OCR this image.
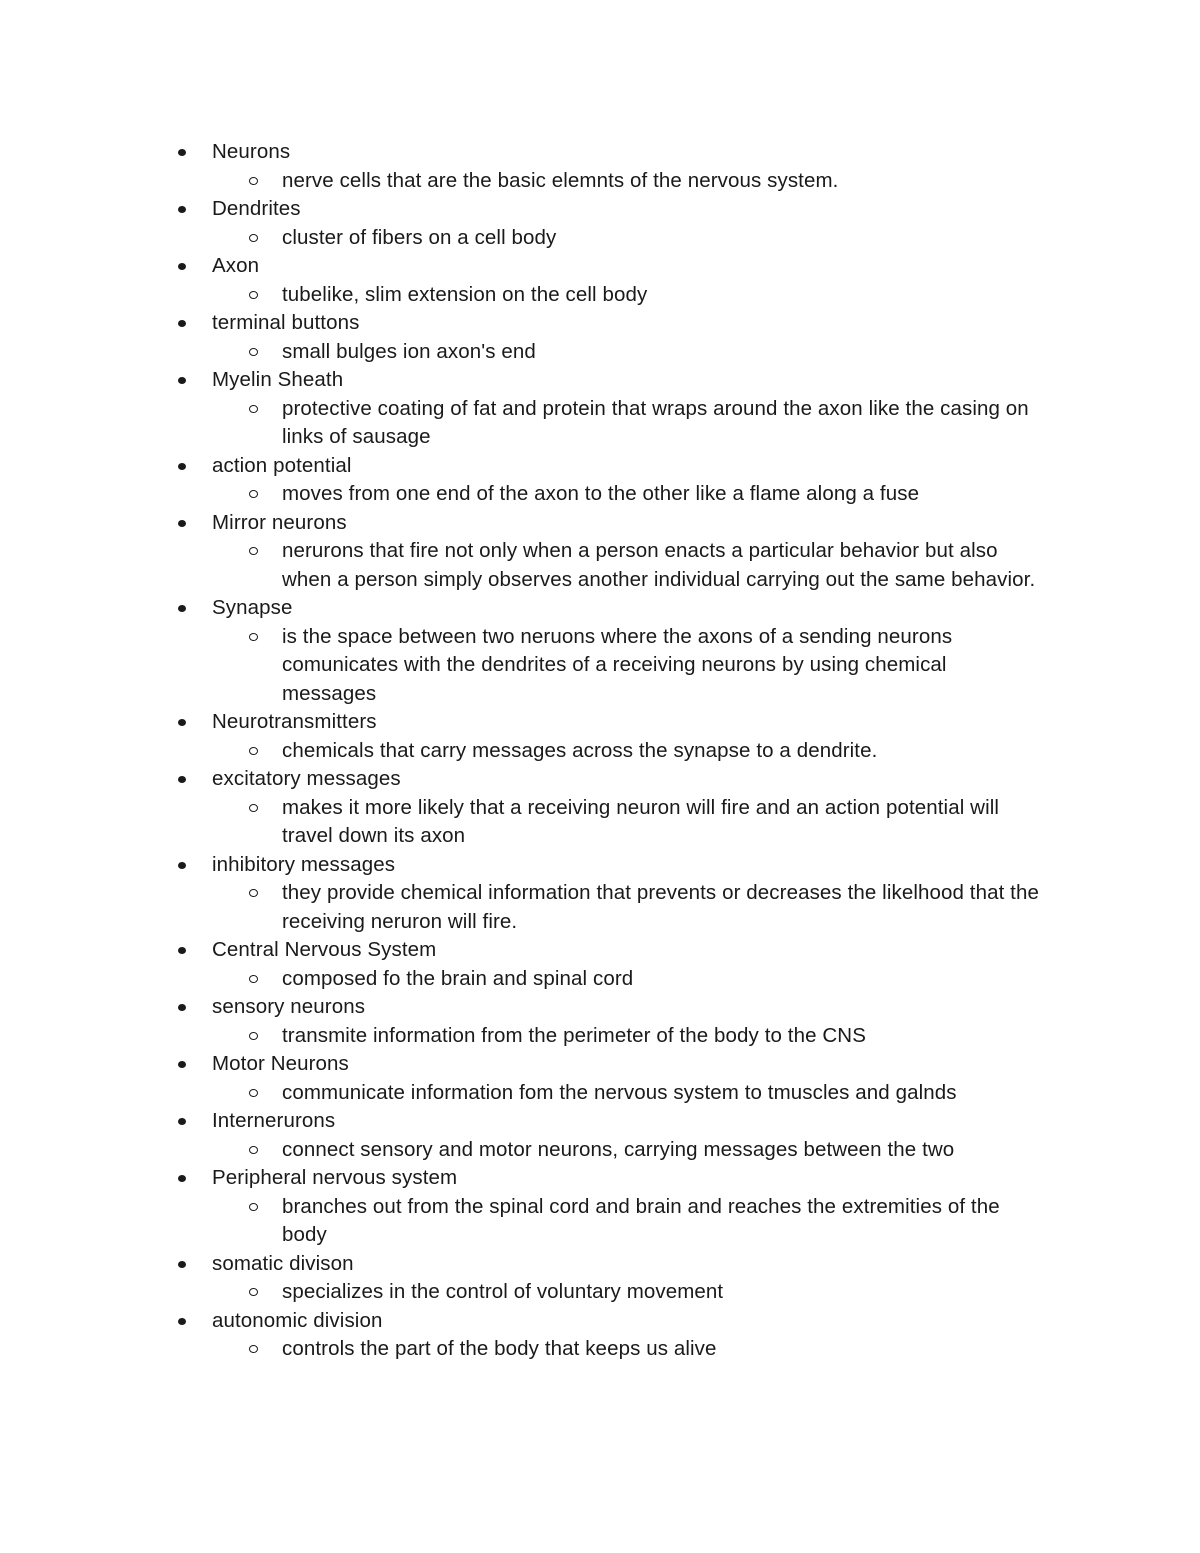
Neurons
nerve cells that are the basic elemnts of the nervous system.
Dendrites
cluster of fibers on a cell body
Axon
tubelike, slim extension on the cell body
terminal buttons
small bulges ion axon's end
Myelin Sheath
protective coating of fat and protein that wraps around the axon like the casing on links of sausage
action potential
moves from one end of the axon to the other like a flame along a fuse
Mirror neurons
nerurons that fire not only when a person enacts a particular behavior but also when a person simply observes another individual carrying out the same behavior.
Synapse
is the space between two neruons where the axons of a sending neurons comunicates with the dendrites of a receiving neurons by using chemical messages
Neurotransmitters
chemicals that carry messages across the synapse to a dendrite.
excitatory messages
makes it more likely that a receiving neuron will fire and an action potential will travel down its axon
inhibitory messages
they provide chemical information that prevents or decreases the likelhood that the receiving neruron will fire.
Central Nervous System
composed fo the brain and spinal cord
sensory neurons
transmite information from the perimeter of the body to the CNS
Motor Neurons
communicate information fom the nervous system to tmuscles and galnds
Internerurons
connect sensory and motor neurons, carrying messages between the two
Peripheral nervous system
branches out from the spinal cord and brain and reaches the extremities of the body
somatic divison
specializes in the control of voluntary movement
autonomic division
controls the part of the body that keeps us alive
